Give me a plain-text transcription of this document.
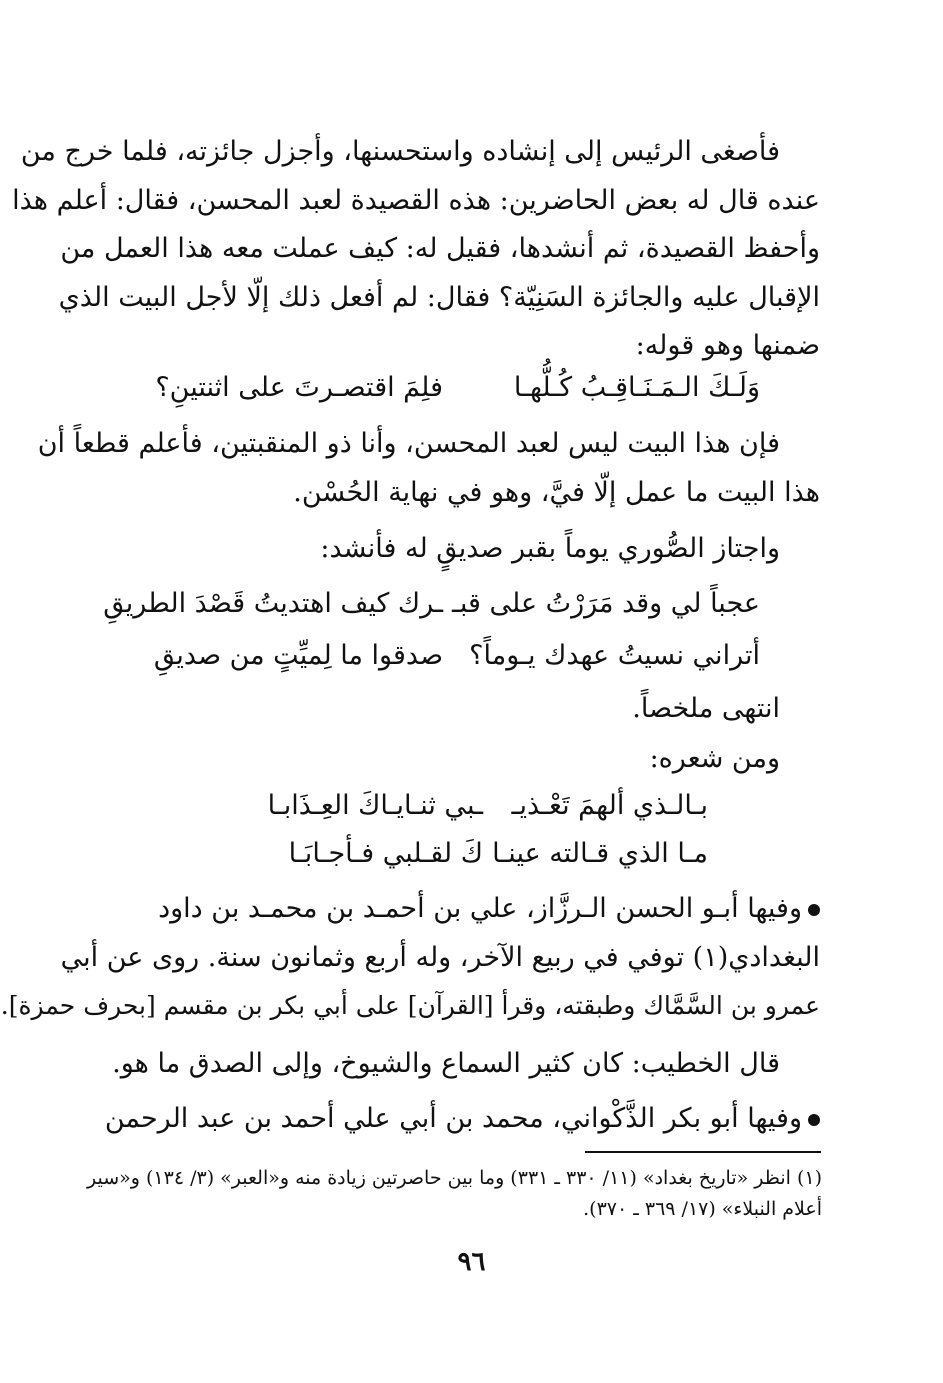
فأصغى الرئيس إلى إنشاده واستحسنها، وأجزل جائزته، فلما خرج من
عنده قال له بعض الحاضرين: هذه القصيدة لعبد المحسن، فقال: أعلم هذا
وأحفظ القصيدة، ثم أنشدها، فقيل له: كيف عملت معه هذا العمل من
الإقبال عليه والجائزة السَنِيّة؟ فقال: لم أفعل ذلك إلّا لأجل البيت الذي
ضمنها وهو قوله:
وَلَـكَ الـمَـنَـاقِـبُ كُـلُّهـا
فلِمَ اقتصـرتَ على اثنتينِ؟
فإن هذا البيت ليس لعبد المحسن، وأنا ذو المنقبتين، فأعلم قطعاً أن
هذا البيت ما عمل إلّا فيَّ، وهو في نهاية الحُسْن.
واجتاز الصُّوري يوماً بقبر صديقٍ له فأنشد:
عجباً لي وقد مَرَرْتُ على قبـ
ـرك كيف اهتديتُ قَصْدَ الطريقِ
أتراني نسيتُ عهدك يـوماً؟
صدقوا ما لِميِّتٍ من صديقِ
انتهى ملخصاً.
ومن شعره:
بـالـذي ألهمَ تَعْـذيـ
ـبي ثنـايـاكَ العِـذَابـا
مـا الذي قـالته عينـا
كَ لقـلبي فـأجـابَـا
وفيها أبـو الحسن الـرزَّاز، علي بن أحمـد بن محمـد بن داود
البغدادي(١) توفي في ربيع الآخر، وله أربع وثمانون سنة. روى عن أبي
عمرو بن السَّمَّاك وطبقته، وقرأ [القرآن] على أبي بكر بن مقسم [بحرف حمزة].
قال الخطيب: كان كثير السماع والشيوخ، وإلى الصدق ما هو.
وفيها أبو بكر الذَّكْواني، محمد بن أبي علي أحمد بن عبد الرحمن
(١) انظر «تاريخ بغداد» (١١/ ٣٣٠ ـ ٣٣١) وما بين حاصرتين زيادة منه و«العبر» (٣/ ١٣٤) و«سير
أعلام النبلاء» (١٧/ ٣٦٩ ـ ٣٧٠).
٩٦
